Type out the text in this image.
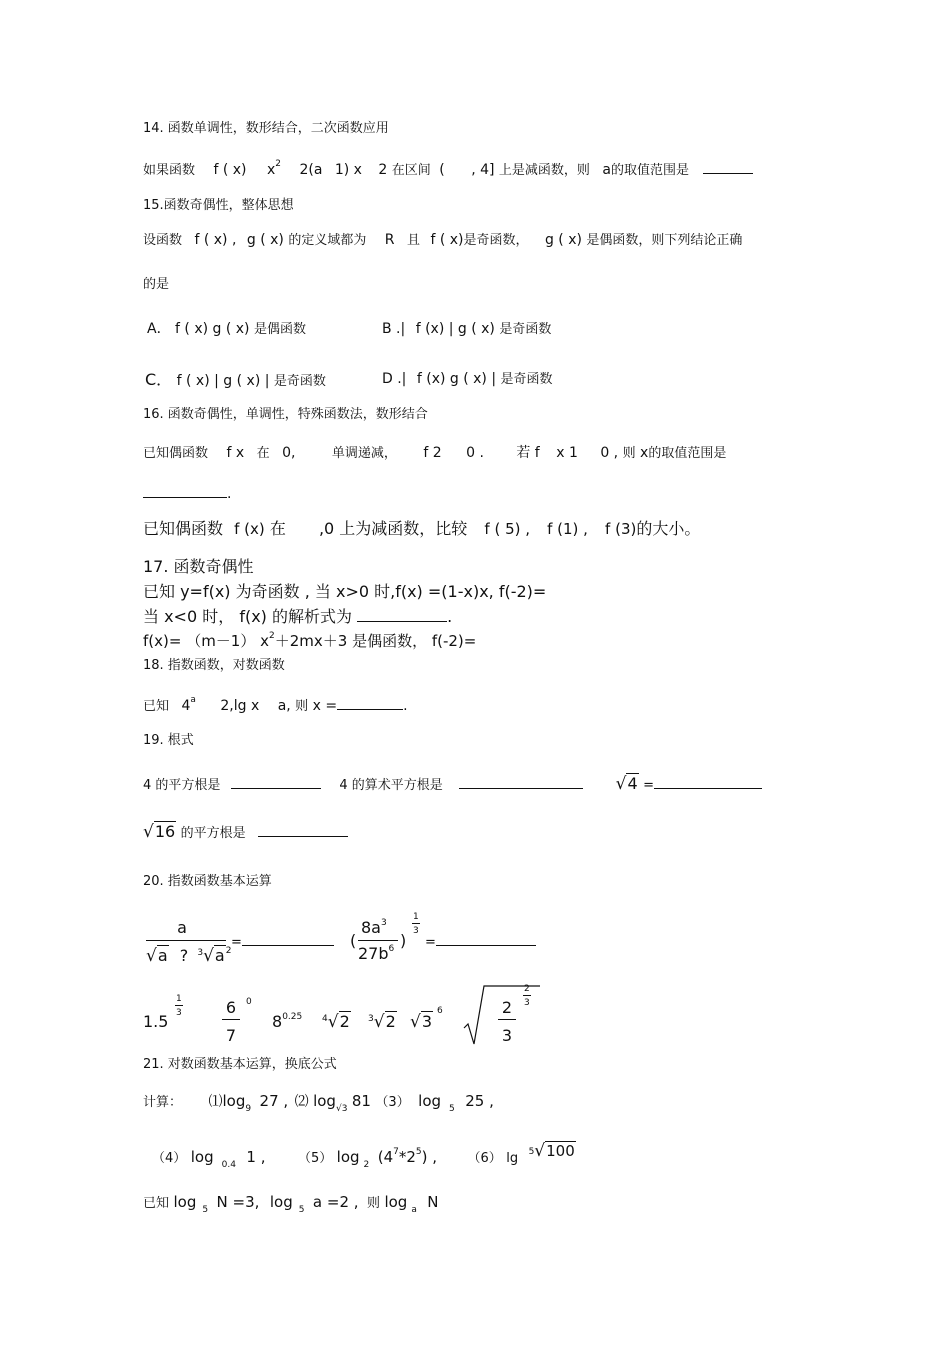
14. 函数单调性，数形结合，二次函数应用
如果函数 f ( x) $x^2$ 2(a 1) x 2 在区间 ( , 4] 上是减函数，则 a的取值范围是
15.函数奇偶性，整体思想
设函数 f ( x) , g ( x) 的定义域都为 R 且 f ( x)是奇函数， g ( x) 是偶函数，则下列结论正确
的是
A． f ( x) g ( x) 是偶函数	B .| f (x) | g ( x) 是奇函数
C． f ( x) | g ( x) | 是奇函数	D .| f (x) g ( x) | 是奇函数
16. 函数奇偶性，单调性，特殊函数法，数形结合
已知偶函数 f x 在 0,	单调递减， f 2 0 . 若 f x 1 0 , 则 x的取值范围是
.
已知偶函数 f (x) 在 ,0 上为减函数，比较 f ( 5) , f (1) , f (3)的大小。
17. 函数奇偶性
已知 y=f(x) 为奇函数 , 当 x>0 时,f(x) =(1-x)x, f(-2)=
当 x<0 时， f(x) 的解析式为	.
f(x)= （m－1） $x^2+2mx+3$ 是偶函数， f(-2)=
18. 指数函数，对数函数
已知 4$^a$ 2,lg x a, 则 x =	.
19. 根式
4 的平方根是	4 的算术平方根是	√4 =
√16 的平方根是
20. 指数函数基本运算
a
√a ? $^3√a^2$
=	(
$8a^3$
$27b^6$ )
1
3
=
1.5
1
3	6
7
0
$8^{0.25}$ $^4$√2 $^3$√2 √3
6	2
3
2
3
21. 对数函数基本运算，换底公式
计算： $⑴\log_9$ 27 , ⑵ $\log_{√3} 81$ （3） log $_5$ 25 ,
（4） log $_{0.4}$ 1 , （5） log $_2$ $(4^7*2^5)$ , （6） lg $^5$√100
已知 log $_5$ N =3, log $_5$ a =2 , 则 log $_a$ N
